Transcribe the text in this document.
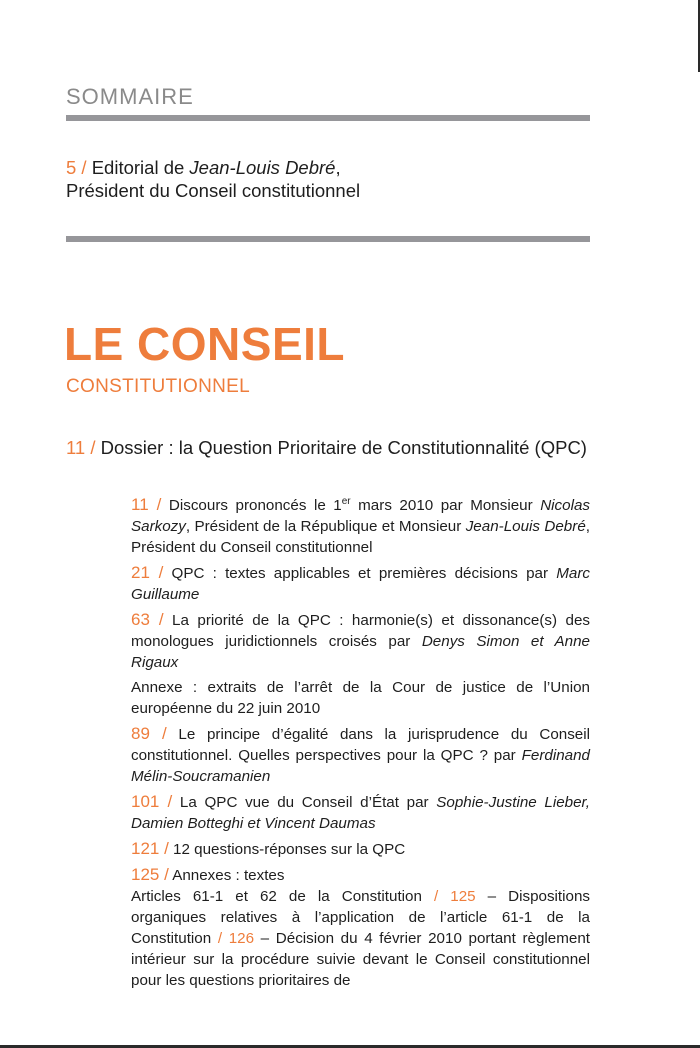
SOMMAIRE
5 / Editorial de Jean-Louis Debré,
Président du Conseil constitutionnel
LE CONSEIL
CONSTITUTIONNEL
11 / Dossier : la Question Prioritaire de Constitutionnalité (QPC)
11 / Discours prononcés le 1er mars 2010 par Monsieur Nicolas Sarkozy, Président de la République et Monsieur Jean-Louis Debré, Président du Conseil constitutionnel
21 / QPC : textes applicables et premières décisions par Marc Guillaume
63 / La priorité de la QPC : harmonie(s) et dissonance(s) des monologues juridictionnels croisés par Denys Simon et Anne Rigaux
Annexe : extraits de l’arrêt de la Cour de justice de l’Union européenne du 22 juin 2010
89 / Le principe d’égalité dans la jurisprudence du Conseil constitutionnel. Quelles perspectives pour la QPC ? par Ferdinand Mélin-Soucramanien
101 / La QPC vue du Conseil d’État par Sophie-Justine Lieber, Damien Botteghi et Vincent Daumas
121 / 12 questions-réponses sur la QPC
125 / Annexes : textes
Articles 61-1 et 62 de la Constitution / 125 – Dispositions organiques relatives à l’application de l’article 61-1 de la Constitution / 126 – Décision du 4 février 2010 portant règlement intérieur sur la procédure suivie devant le Conseil constitutionnel pour les questions prioritaires de
